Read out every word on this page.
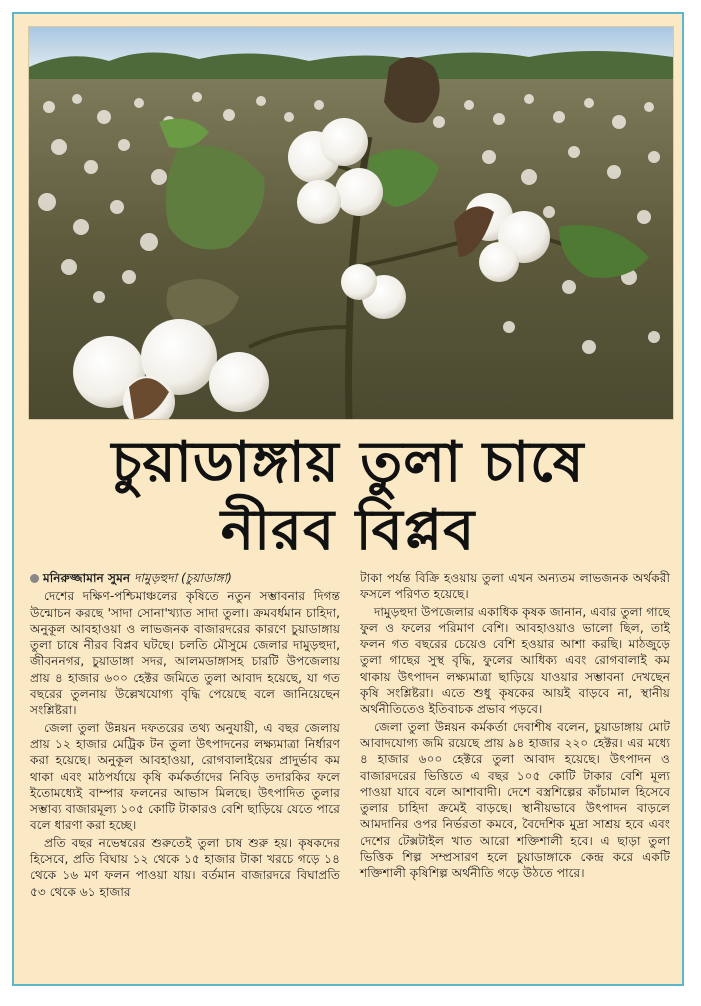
চুয়াডাঙ্গায় তুলা চাষে
নীরব বিপ্লব
মনিরুজ্জামান সুমন দামুড়হুদা (চুয়াডাঙ্গা)

দেশের দক্ষিণ-পশ্চিমাঞ্চলের কৃষিতে নতুন সম্ভাবনার দিগন্ত উন্মোচন করছে 'সাদা সোনা'খ্যাত সাদা তুলা। ক্রমবর্ধমান চাহিদা, অনুকূল আবহাওয়া ও লাভজনক বাজারদরের কারণে চুয়াডাঙ্গায় তুলা চাষে নীরব বিপ্লব ঘটছে। চলতি মৌসুমে জেলার দামুড়হুদা, জীবননগর, চুয়াডাঙ্গা সদর, আলমডাঙ্গাসহ চারটি উপজেলায় প্রায় ৪ হাজার ৬০০ হেক্টর জমিতে তুলা আবাদ হয়েছে, যা গত বছরের তুলনায় উল্লেখযোগ্য বৃদ্ধি পেয়েছে বলে জানিয়েছেন সংশ্লিষ্টরা।

জেলা তুলা উন্নয়ন দফতরের তথ্য অনুযায়ী, এ বছর জেলায় প্রায় ১২ হাজার মেট্রিক টন তুলা উৎপাদনের লক্ষ্যমাত্রা নির্ধারণ করা হয়েছে। অনুকূল আবহাওয়া, রোগবালাইয়ের প্রাদুর্ভাব কম থাকা এবং মাঠপর্যায়ে কৃষি কর্মকর্তাদের নিবিড় তদারকির ফলে ইতোমধ্যেই বাম্পার ফলনের আভাস মিলছে। উৎপাদিত তুলার সম্ভাব্য বাজারমূল্য ১০৫ কোটি টাকারও বেশি ছাড়িয়ে যেতে পারে বলে ধারণা করা হচ্ছে।

প্রতি বছর নভেম্বরের শুরুতেই তুলা চাষ শুরু হয়। কৃষকদের হিসেবে, প্রতি বিঘায় ১২ থেকে ১৫ হাজার টাকা খরচে গড়ে ১৪ থেকে ১৬ মণ ফলন পাওয়া যায়। বর্তমান বাজারদরে বিঘাপ্রতি ৫৩ থেকে ৬১ হাজার

টাকা পর্যন্ত বিক্রি হওয়ায় তুলা এখন অন্যতম লাভজনক অর্থকরী ফসলে পরিণত হয়েছে।

দামুড়হুদা উপজেলার একাধিক কৃষক জানান, এবার তুলা গাছে ফুল ও ফলের পরিমাণ বেশি। আবহাওয়াও ভালো ছিল, তাই ফলন গত বছরের চেয়েও বেশি হওয়ার আশা করছি। মাঠজুড়ে তুলা গাছের সুস্থ বৃদ্ধি, ফুলের আধিক্য এবং রোগবালাই কম থাকায় উৎপাদন লক্ষ্যমাত্রা ছাড়িয়ে যাওয়ার সম্ভাবনা দেখছেন কৃষি সংশ্লিষ্টরা। এতে শুধু কৃষকের আয়ই বাড়বে না, স্থানীয় অর্থনীতিতেও ইতিবাচক প্রভাব পড়বে।

জেলা তুলা উন্নয়ন কর্মকর্তা দেবাশীষ বলেন, চুয়াডাঙ্গায় মোট আবাদযোগ্য জমি রয়েছে প্রায় ৯৪ হাজার ২২০ হেক্টর। এর মধ্যে ৪ হাজার ৬০০ হেক্টরে তুলা আবাদ হয়েছে। উৎপাদন ও বাজারদরের ভিত্তিতে এ বছর ১০৫ কোটি টাকার বেশি মূল্য পাওয়া যাবে বলে আশাবাদী। দেশে বস্ত্রশিল্পের কাঁচামাল হিসেবে তুলার চাহিদা ক্রমেই বাড়ছে। স্থানীয়ভাবে উৎপাদন বাড়লে আমদানির ওপর নির্ভরতা কমবে, বৈদেশিক মুদ্রা সাশ্রয় হবে এবং দেশের টেক্সটাইল খাত আরো শক্তিশালী হবে। এ ছাড়া তুলা ভিত্তিক শিল্প সম্প্রসারণ হলে চুয়াডাঙ্গাকে কেন্দ্র করে একটি শক্তিশালী কৃষিশিল্প অর্থনীতি গড়ে উঠতে পারে।
